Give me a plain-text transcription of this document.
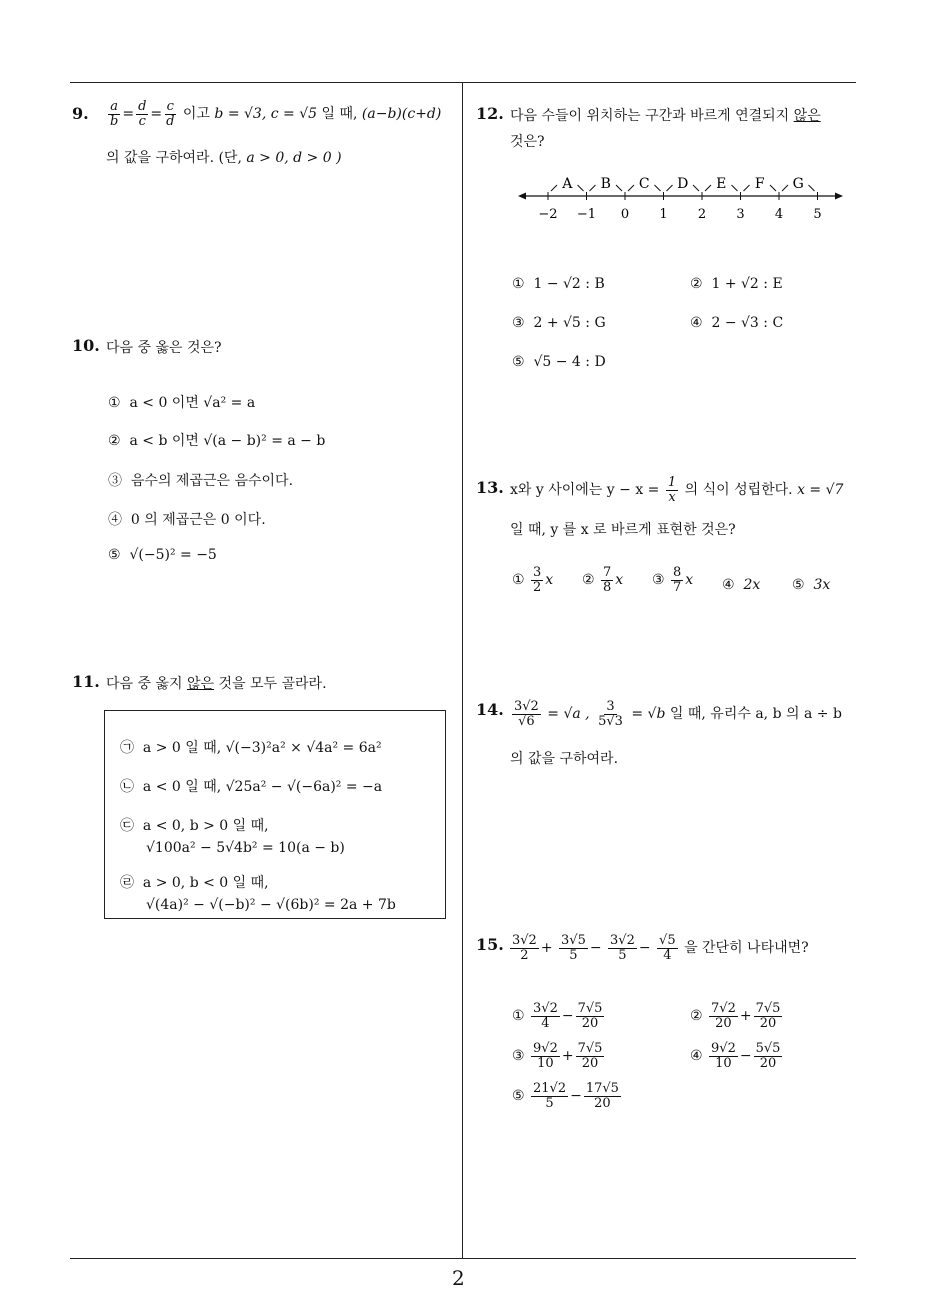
2
9. $\frac{a}{b} = \frac{d}{c} = \frac{c}{d}$ 이고 b = √3, c = √5 일 때, (a−b)(c+d)
의 값을 구하여라. (단, a > 0, d > 0 )
10. 다음 중 옳은 것은?
① a < 0 이면 √a² = a
② a < b 이면 √(a − b)² = a − b
③ 음수의 제곱근은 음수이다.
④ 0 의 제곱근은 0 이다.
⑤ √(−5)² = −5
11. 다음 중 옳지 않은 것을 모두 골라라.
㉠ a > 0 일 때, √(−3)²a² × √4a² = 6a²
㉡ a < 0 일 때, √25a² − √(−6a)² = −a
㉢ a < 0, b > 0 일 때,
√100a² − 5√4b² = 10(a − b)
㉣ a > 0, b < 0 일 때,
√(4a)² − √(−b)² − √(6b)² = 2a + 7b
12. 다음 수들이 위치하는 구간과 바르게 연결되지 않은
것은?
−2 −1 0 1 2 3 4 5
A B C D E F G
① 1 − √2 : B	② 1 + √2 : E
③ 2 + √5 : G	④ 2 − √3 : C
⑤ √5 − 4 : D
13. x와 y 사이에는 $y - x = \frac{1}{x}$ 의 식이 성립한다. x = √7
일 때, y 를 x 로 바르게 표현한 것은?
① $\frac{3}{2}$ x ② $\frac{7}{8}$ x ③ $\frac{8}{7}$ x ④ 2x ⑤ 3x
14. $\frac{3√2}{√6} = √a$ , $\frac{3}{5√3} = √b$ 일 때, 유리수 a, b 의 a ÷ b
의 값을 구하여라.
15. $\frac{3√2}{2} + \frac{3√5}{5} - \frac{3√2}{5} - \frac{√5}{4}$ 을 간단히 나타내면?
① $\frac{3√2}{4} - \frac{7√5}{20}$	② $\frac{7√2}{20} + \frac{7√5}{20}$
③ $\frac{9√2}{10} + \frac{7√5}{20}$	④ $\frac{9√2}{10} - \frac{5√5}{20}$
⑤ $\frac{21√2}{5} - \frac{17√5}{20}$
